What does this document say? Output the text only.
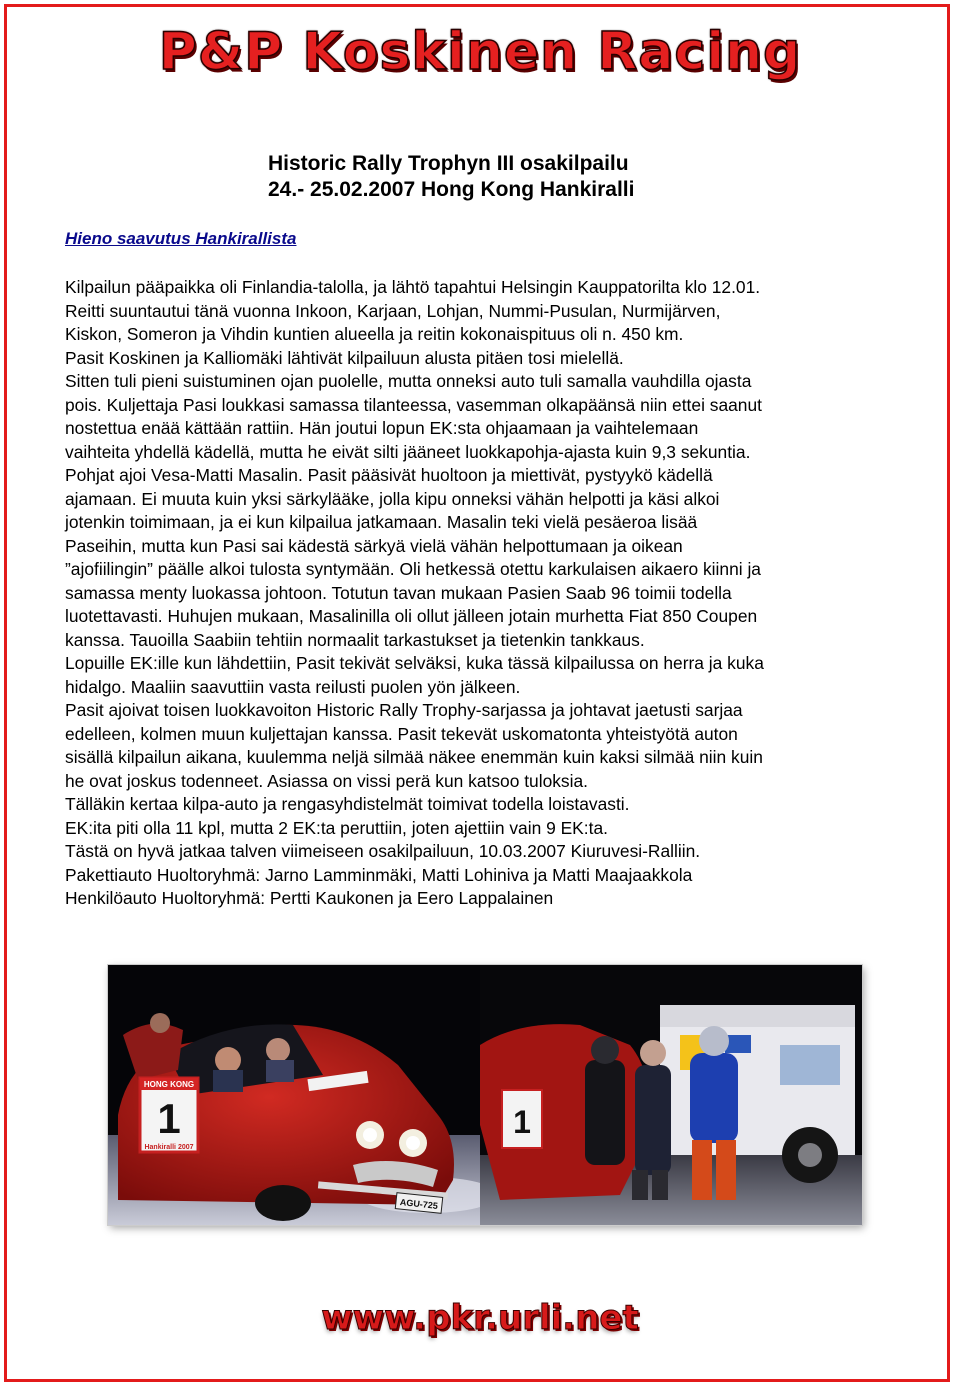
P&P Koskinen Racing
Historic Rally Trophyn III osakilpailu
24.- 25.02.2007 Hong Kong Hankiralli
Hieno saavutus Hankirallista

Kilpailun pääpaikka oli Finlandia-talolla, ja lähtö tapahtui Helsingin Kauppatorilta klo 12.01.

Reitti suuntautui tänä vuonna Inkoon, Karjaan, Lohjan, Nummi-Pusulan, Nurmijärven,

Kiskon, Someron ja Vihdin kuntien alueella ja reitin kokonaispituus oli n. 450 km.

Pasit Koskinen ja Kalliomäki lähtivät kilpailuun alusta pitäen tosi mielellä.

Sitten tuli pieni suistuminen ojan puolelle, mutta onneksi auto tuli samalla vauhdilla ojasta

pois. Kuljettaja Pasi loukkasi samassa tilanteessa, vasemman olkapäänsä niin ettei saanut

nostettua enää kättään rattiin. Hän joutui lopun EK:sta ohjaamaan ja vaihtelemaan

vaihteita yhdellä kädellä, mutta he eivät silti jääneet luokkapohja-ajasta kuin 9,3 sekuntia.

Pohjat ajoi Vesa-Matti Masalin. Pasit pääsivät huoltoon ja miettivät, pystyykö kädellä

ajamaan. Ei muuta kuin yksi särkylääke, jolla kipu onneksi vähän helpotti ja käsi alkoi

jotenkin toimimaan, ja ei kun kilpailua jatkamaan. Masalin teki vielä pesäeroa lisää

Paseihin, mutta kun Pasi sai kädestä särkyä vielä vähän helpottumaan ja oikean

”ajofiilingin” päälle alkoi tulosta syntymään. Oli hetkessä otettu karkulaisen aikaero kiinni ja

samassa menty luokassa johtoon. Totutun tavan mukaan Pasien Saab 96 toimii todella

luotettavasti. Huhujen mukaan, Masalinilla oli ollut jälleen jotain murhetta Fiat 850 Coupen

kanssa. Tauoilla Saabiin tehtiin normaalit tarkastukset ja tietenkin tankkaus.

Lopuille EK:ille kun lähdettiin, Pasit tekivät selväksi, kuka tässä kilpailussa on herra ja kuka

hidalgo. Maaliin saavuttiin vasta reilusti puolen yön jälkeen.

Pasit ajoivat toisen luokkavoiton Historic Rally Trophy-sarjassa ja johtavat jaetusti sarjaa

edelleen, kolmen muun kuljettajan kanssa. Pasit tekevät uskomatonta yhteistyötä auton

sisällä kilpailun aikana, kuulemma neljä silmää näkee enemmän kuin kaksi silmää niin kuin

he ovat joskus todenneet. Asiassa on vissi perä kun katsoo tuloksia.

Tälläkin kertaa kilpa-auto ja rengasyhdistelmät toimivat todella loistavasti.

EK:ita piti olla 11 kpl, mutta 2 EK:ta peruttiin, joten ajettiin vain 9 EK:ta.

Tästä on hyvä jatkaa talven viimeiseen osakilpailuun, 10.03.2007 Kiuruvesi-Ralliin.

Pakettiauto Huoltoryhmä: Jarno Lamminmäki, Matti Lohiniva ja Matti Maajaakkola

Henkilöauto Huoltoryhmä: Pertti Kaukonen ja Eero Lappalainen

HONG KONG
1
Hankiralli 2007
AGU-725
1
www.pkr.urli.net
